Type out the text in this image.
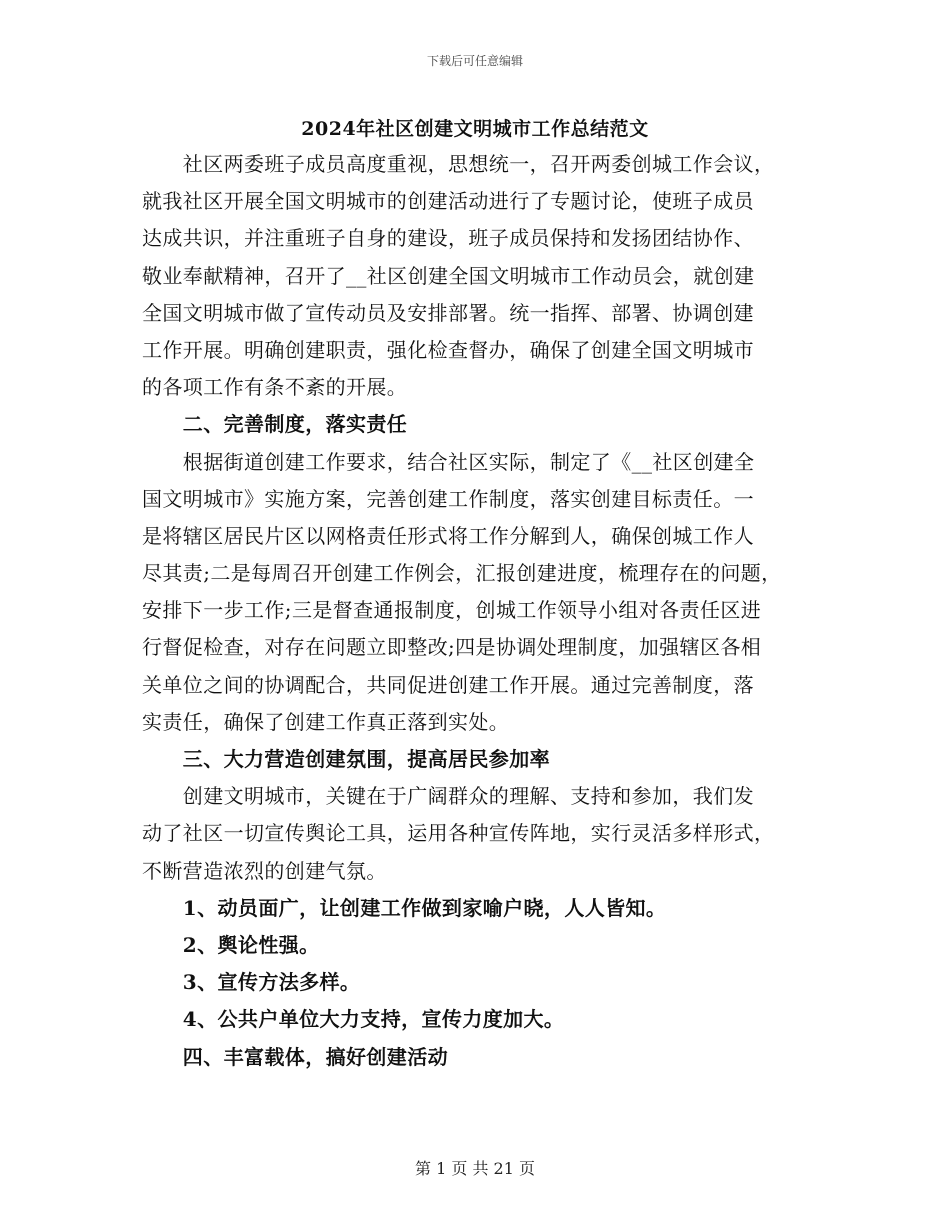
下载后可任意编辑
2024年社区创建文明城市工作总结范文
　　社区两委班子成员高度重视，思想统一，召开两委创城工作会议，
就我社区开展全国文明城市的创建活动进行了专题讨论，使班子成员
达成共识，并注重班子自身的建设，班子成员保持和发扬团结协作、
敬业奉献精神，召开了__社区创建全国文明城市工作动员会，就创建
全国文明城市做了宣传动员及安排部署。统一指挥、部署、协调创建
工作开展。明确创建职责，强化检查督办，确保了创建全国文明城市
的各项工作有条不紊的开展。
　　二、完善制度，落实责任
　　根据街道创建工作要求，结合社区实际，制定了《__社区创建全
国文明城市》实施方案，完善创建工作制度，落实创建目标责任。一
是将辖区居民片区以网格责任形式将工作分解到人，确保创城工作人
尽其责;二是每周召开创建工作例会，汇报创建进度，梳理存在的问题，
安排下一步工作;三是督查通报制度，创城工作领导小组对各责任区进
行督促检查，对存在问题立即整改;四是协调处理制度，加强辖区各相
关单位之间的协调配合，共同促进创建工作开展。通过完善制度，落
实责任，确保了创建工作真正落到实处。
　　三、大力营造创建氛围，提高居民参加率
　　创建文明城市，关键在于广阔群众的理解、支持和参加，我们发
动了社区一切宣传舆论工具，运用各种宣传阵地，实行灵活多样形式，
不断营造浓烈的创建气氛。
　　1、动员面广，让创建工作做到家喻户晓，人人皆知。
　　2、舆论性强。
　　3、宣传方法多样。
　　4、公共户单位大力支持，宣传力度加大。
　　四、丰富载体，搞好创建活动
第 1 页 共 21 页
